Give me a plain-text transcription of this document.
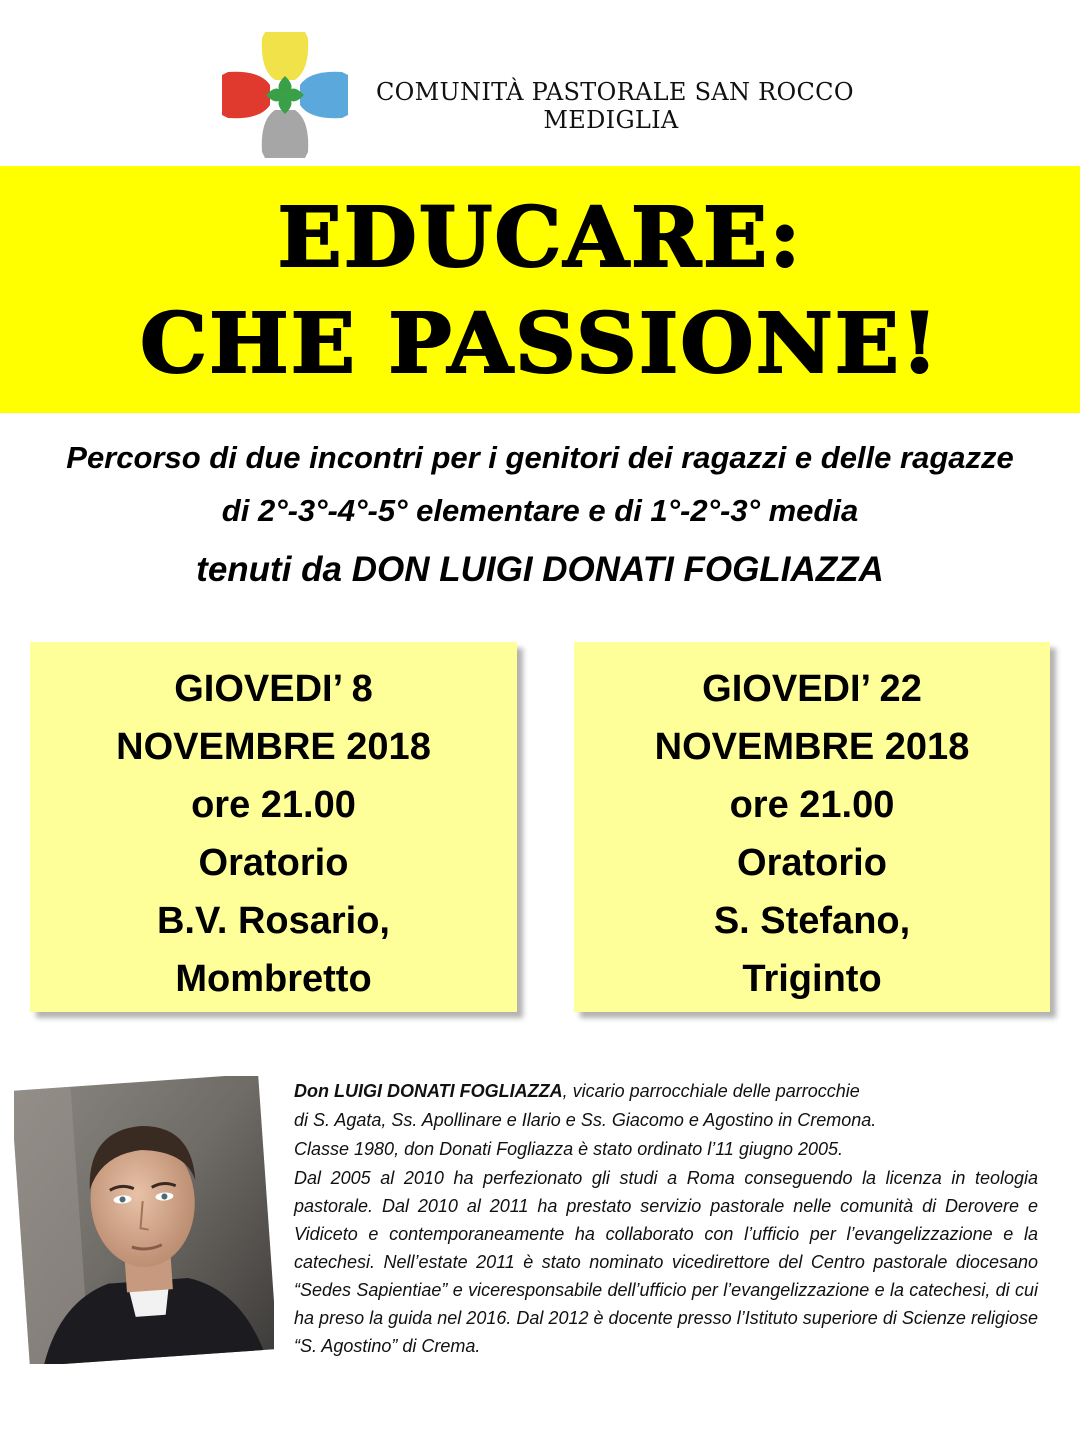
COMUNITÀ PASTORALE SAN ROCCO
MEDIGLIA
EDUCARE:
CHE PASSIONE!
Percorso di due incontri per i genitori dei ragazzi e delle ragazze
di 2°-3°-4°-5° elementare e di 1°-2°-3° media
tenuti da DON LUIGI DONATI FOGLIAZZA
GIOVEDI’ 8
NOVEMBRE 2018
ore 21.00
Oratorio
B.V. Rosario,
Mombretto
GIOVEDI’ 22
NOVEMBRE 2018
ore 21.00
Oratorio
S. Stefano,
Triginto
Don LUIGI DONATI FOGLIAZZA, vicario parrocchiale delle parrocchie
di S. Agata, Ss. Apollinare e Ilario e Ss. Giacomo e Agostino in Cremona.
Classe 1980, don Donati Fogliazza è stato ordinato l’11 giugno 2005.
Dal 2005 al 2010 ha perfezionato gli studi a Roma conseguendo la licenza in teologia pastorale. Dal 2010 al 2011 ha prestato servizio pastorale nelle comunità di Derovere e Vidiceto e contemporaneamente ha collaborato con l’ufficio per l’evangelizzazione e la catechesi. Nell’estate 2011 è stato nominato vicedirettore del Centro pastorale diocesano “Sedes Sapientiae” e viceresponsabile dell’ufficio per l’evangelizzazione e la catechesi, di cui ha preso la guida nel 2016. Dal 2012 è docente presso l’Istituto superiore di Scienze religiose “S. Agostino” di Crema.
